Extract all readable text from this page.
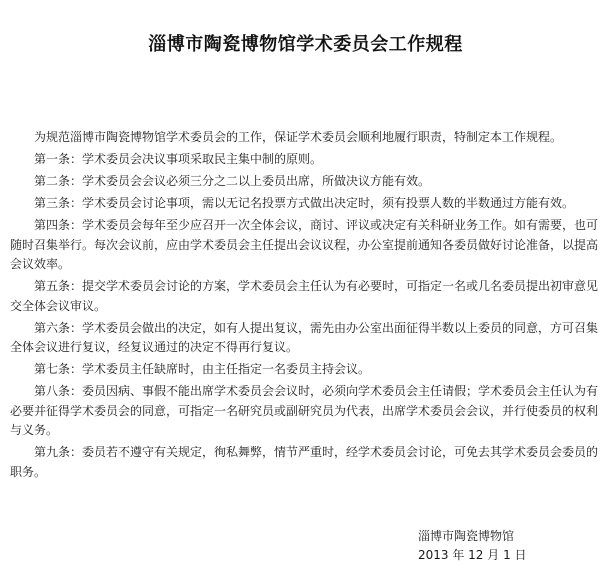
淄博市陶瓷博物馆学术委员会工作规程

为规范淄博市陶瓷博物馆学术委员会的工作，保证学术委员会顺利地履行职责，特制定本工作规程。

第一条：学术委员会决议事项采取民主集中制的原则。

第二条：学术委员会会议必须三分之二以上委员出席，所做决议方能有效。

第三条：学术委员会讨论事项，需以无记名投票方式做出决定时，须有投票人数的半数通过方能有效。

第四条：学术委员会每年至少应召开一次全体会议，商讨、评议或决定有关科研业务工作。如有需要，也可随时召集举行。每次会议前，应由学术委员会主任提出会议议程，办公室提前通知各委员做好讨论准备，以提高会议效率。

第五条：提交学术委员会讨论的方案，学术委员会主任认为有必要时，可指定一名或几名委员提出初审意见交全体会议审议。

第六条：学术委员会做出的决定，如有人提出复议，需先由办公室出面征得半数以上委员的同意，方可召集全体会议进行复议，经复议通过的决定不得再行复议。

第七条：学术委员主任缺席时，由主任指定一名委员主持会议。

第八条：委员因病、事假不能出席学术委员会会议时，必须向学术委员会主任请假；学术委员会主任认为有必要并征得学术委员会的同意，可指定一名研究员或副研究员为代表，出席学术委员会会议，并行使委员的权利与义务。

第九条：委员若不遵守有关规定，徇私舞弊，情节严重时，经学术委员会讨论，可免去其学术委员会委员的职务。

淄博市陶瓷博物馆
2013 年 12 月 1 日
